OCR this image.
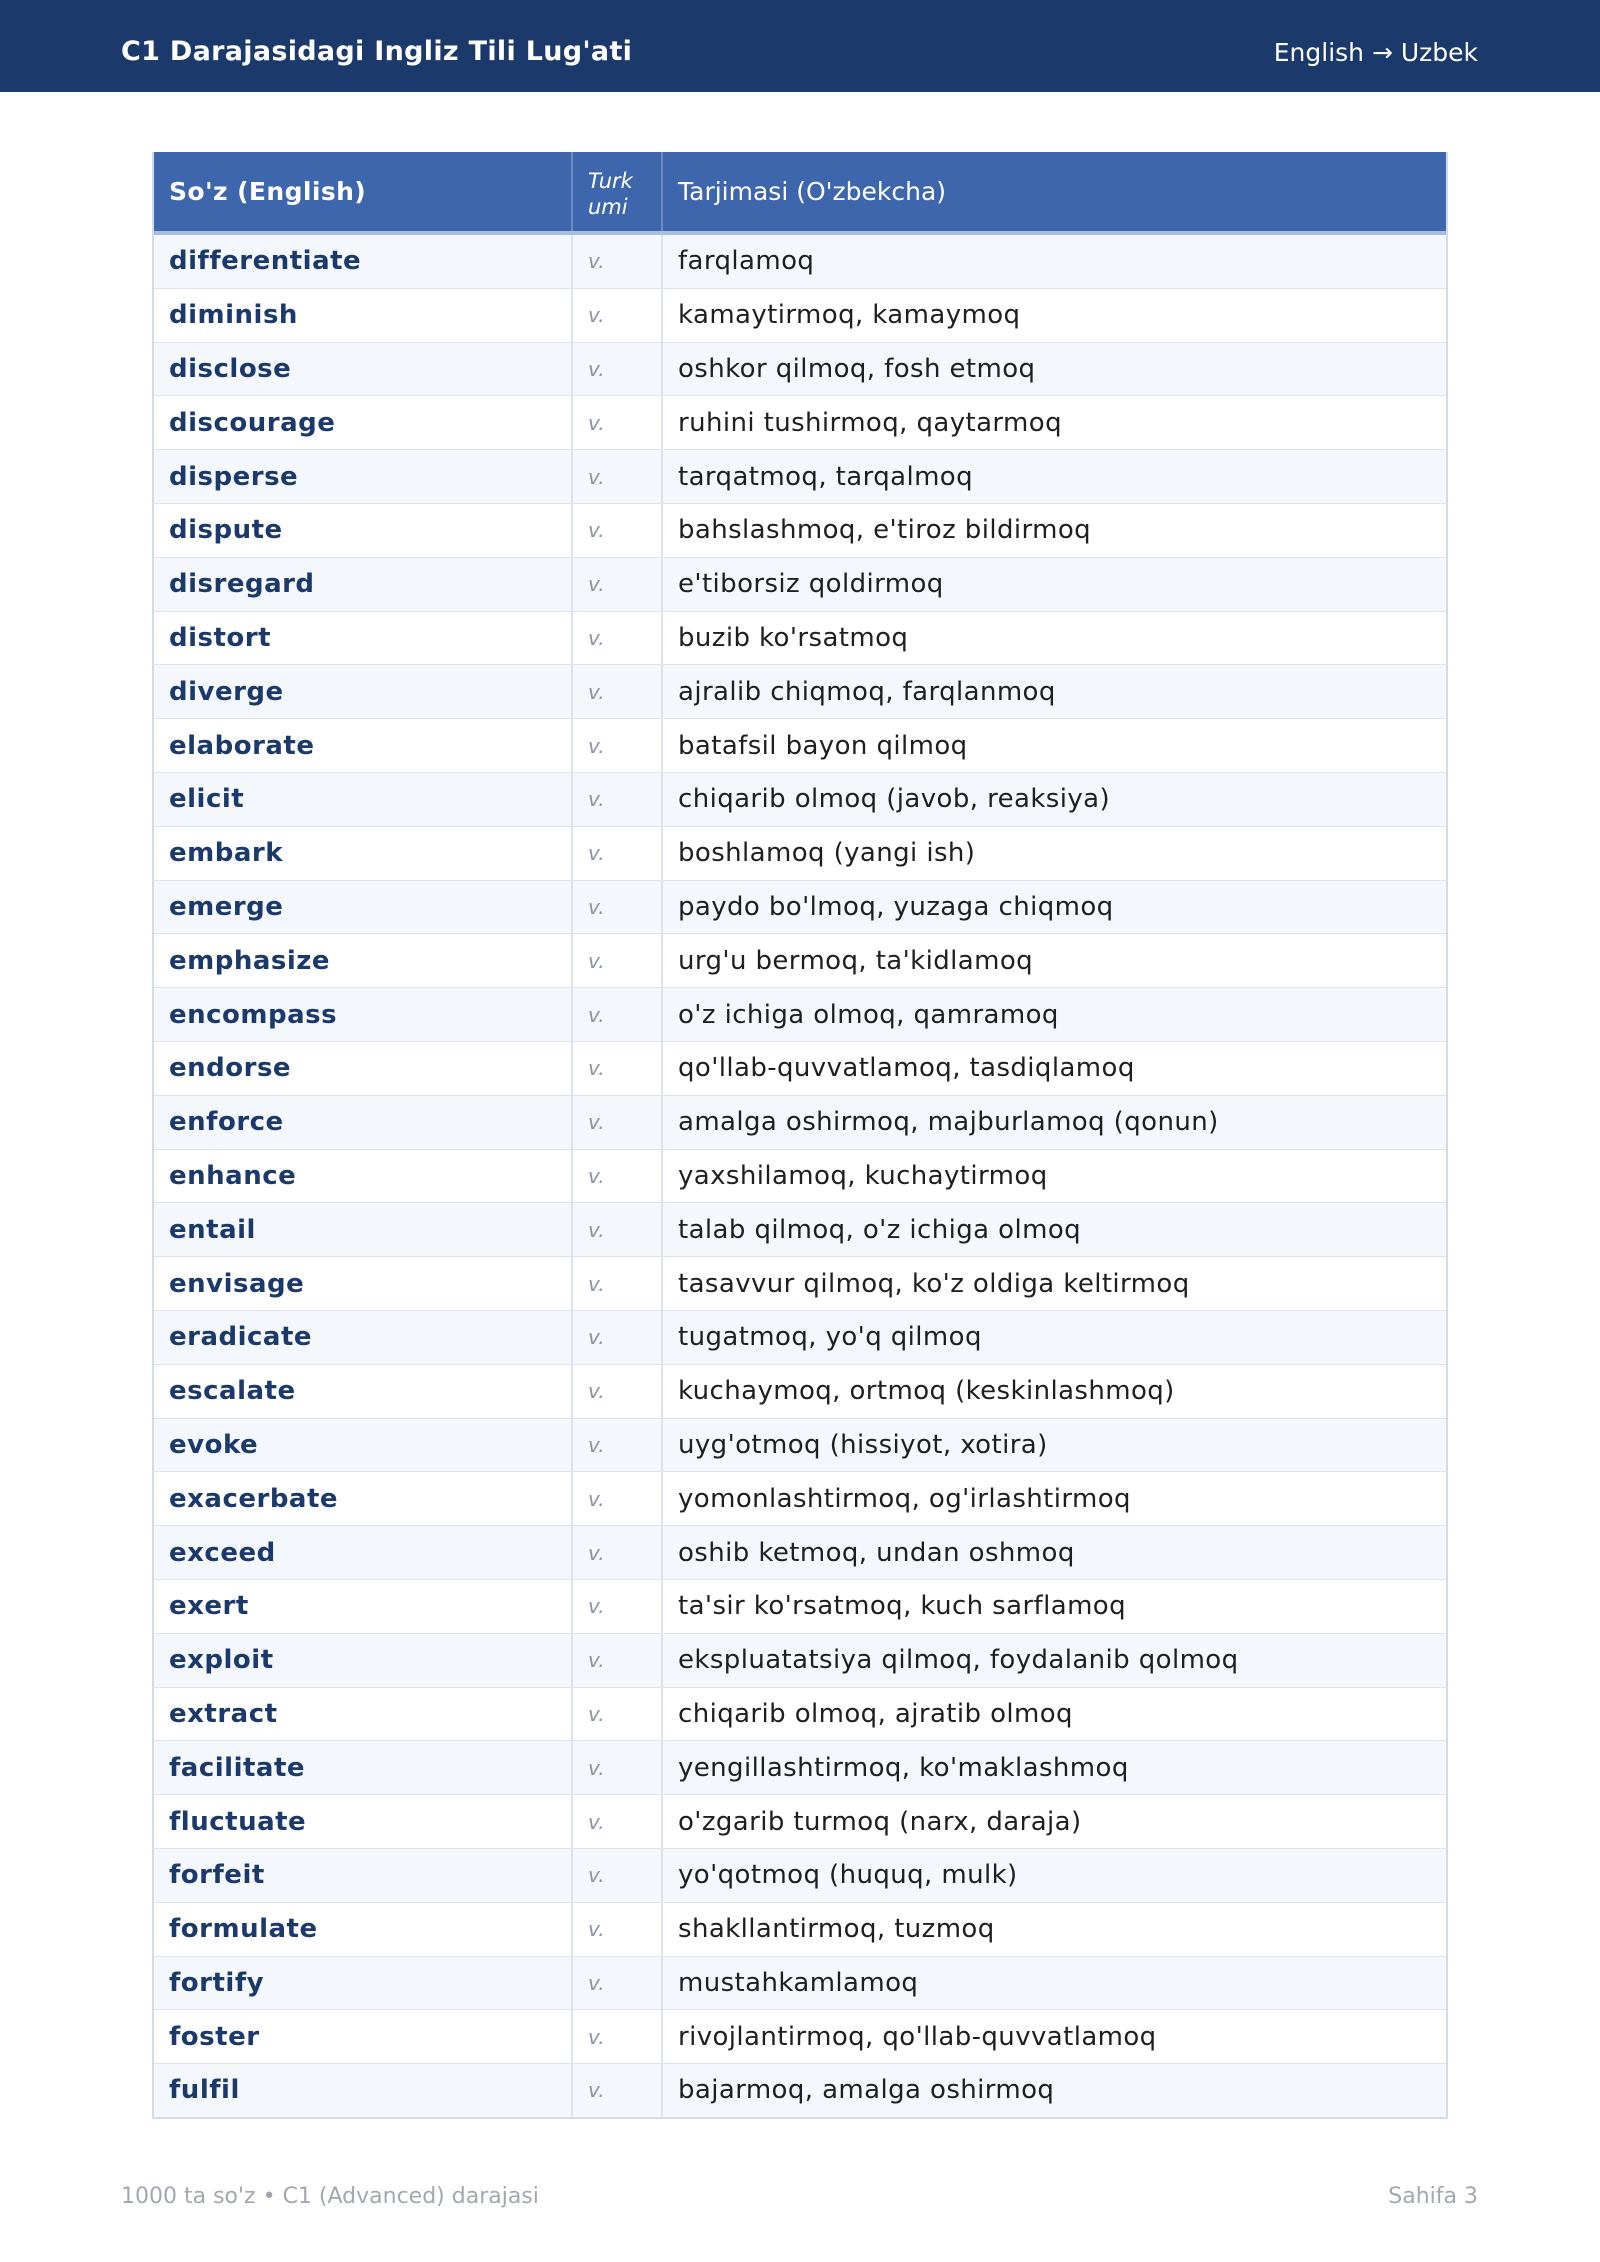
C1 Darajasidagi Ingliz Tili Lug'ati	English → Uzbek
So'z (English)	Turk umi	Tarjimasi (O'zbekcha)
differentiate	v.	farqlamoq
diminish	v.	kamaytirmoq, kamaymoq
disclose	v.	oshkor qilmoq, fosh etmoq
discourage	v.	ruhini tushirmoq, qaytarmoq
disperse	v.	tarqatmoq, tarqalmoq
dispute	v.	bahslashmoq, e'tiroz bildirmoq
disregard	v.	e'tiborsiz qoldirmoq
distort	v.	buzib ko'rsatmoq
diverge	v.	ajralib chiqmoq, farqlanmoq
elaborate	v.	batafsil bayon qilmoq
elicit	v.	chiqarib olmoq (javob, reaksiya)
embark	v.	boshlamoq (yangi ish)
emerge	v.	paydo bo'lmoq, yuzaga chiqmoq
emphasize	v.	urg'u bermoq, ta'kidlamoq
encompass	v.	o'z ichiga olmoq, qamramoq
endorse	v.	qo'llab-quvvatlamoq, tasdiqlamoq
enforce	v.	amalga oshirmoq, majburlamoq (qonun)
enhance	v.	yaxshilamoq, kuchaytirmoq
entail	v.	talab qilmoq, o'z ichiga olmoq
envisage	v.	tasavvur qilmoq, ko'z oldiga keltirmoq
eradicate	v.	tugatmoq, yo'q qilmoq
escalate	v.	kuchaymoq, ortmoq (keskinlashmoq)
evoke	v.	uyg'otmoq (hissiyot, xotira)
exacerbate	v.	yomonlashtirmoq, og'irlashtirmoq
exceed	v.	oshib ketmoq, undan oshmoq
exert	v.	ta'sir ko'rsatmoq, kuch sarflamoq
exploit	v.	ekspluatatsiya qilmoq, foydalanib qolmoq
extract	v.	chiqarib olmoq, ajratib olmoq
facilitate	v.	yengillashtirmoq, ko'maklashmoq
fluctuate	v.	o'zgarib turmoq (narx, daraja)
forfeit	v.	yo'qotmoq (huquq, mulk)
formulate	v.	shakllantirmoq, tuzmoq
fortify	v.	mustahkamlamoq
foster	v.	rivojlantirmoq, qo'llab-quvvatlamoq
fulfil	v.	bajarmoq, amalga oshirmoq
1000 ta so'z • C1 (Advanced) darajasi	Sahifa 3
